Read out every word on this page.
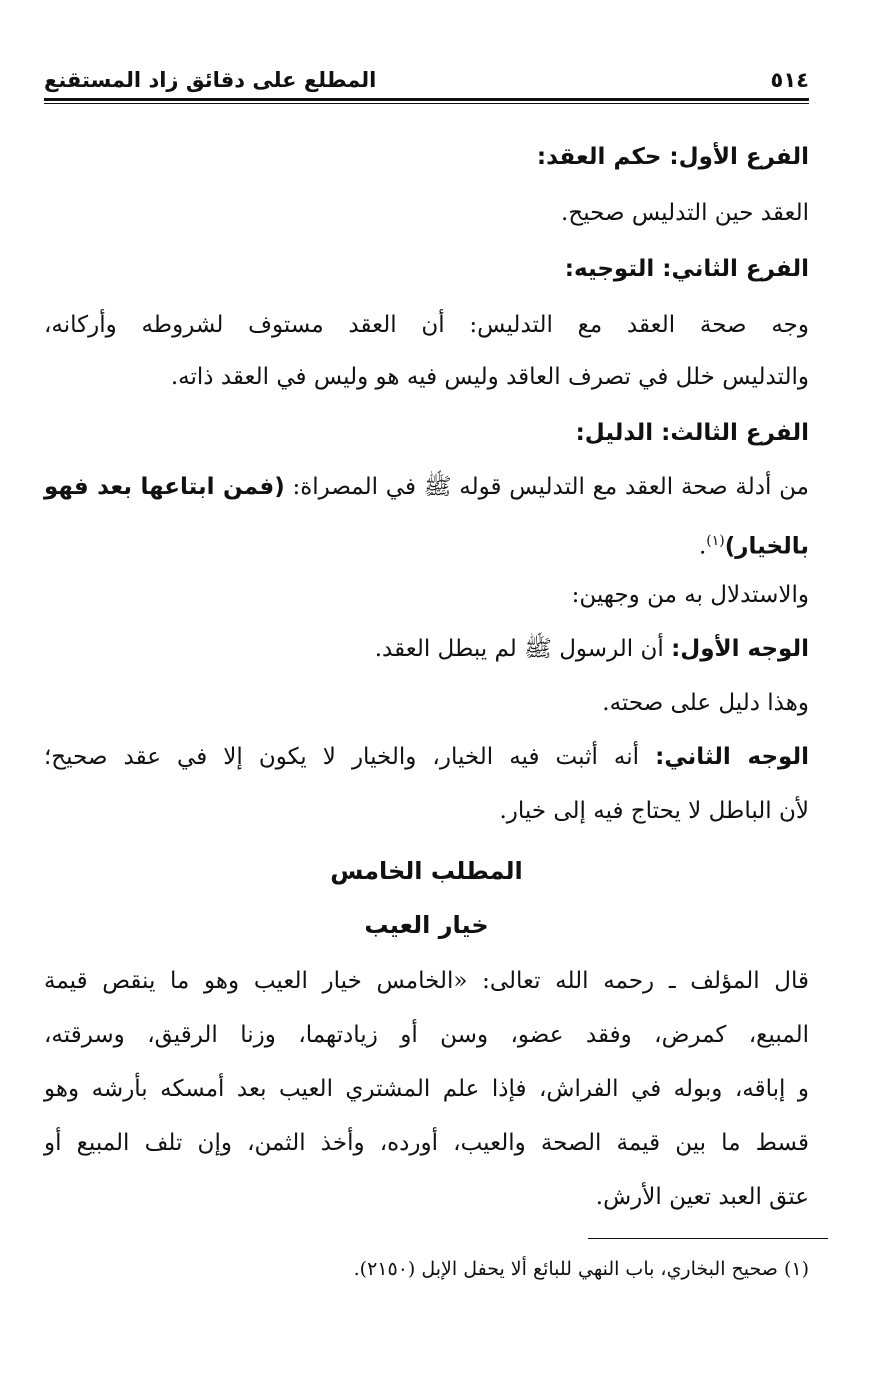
٥١٤
المطلع على دقائق زاد المستقنع
الفرع الأول: حكم العقد:
العقد حين التدليس صحيح.
الفرع الثاني: التوجيه:
وجه صحة العقد مع التدليس: أن العقد مستوف لشروطه وأركانه،
والتدليس خلل في تصرف العاقد وليس فيه هو وليس في العقد ذاته.
الفرع الثالث: الدليل:
من أدلة صحة العقد مع التدليس قوله ﷺ في المصراة: (فمن ابتاعها بعد فهو
بالخيار)$^{(١)}$.
والاستدلال به من وجهين:
الوجه الأول: أن الرسول ﷺ لم يبطل العقد.
وهذا دليل على صحته.
الوجه الثاني: أنه أثبت فيه الخيار، والخيار لا يكون إلا في عقد صحيح؛
لأن الباطل لا يحتاج فيه إلى خيار.
المطلب الخامس
خيار العيب
قال المؤلف ـ رحمه الله تعالى: «الخامس خيار العيب وهو ما ينقص قيمة
المبيع، كمرض، وفقد عضو، وسن أو زيادتهما، وزنا الرقيق، وسرقته،
و إباقه، وبوله في الفراش، فإذا علم المشتري العيب بعد أمسكه بأرشه وهو
قسط ما بين قيمة الصحة والعيب، أورده، وأخذ الثمن، وإن تلف المبيع أو
عتق العبد تعين الأرش.
(١) صحيح البخاري، باب النهي للبائع ألا يحفل الإبل (٢١٥٠).
